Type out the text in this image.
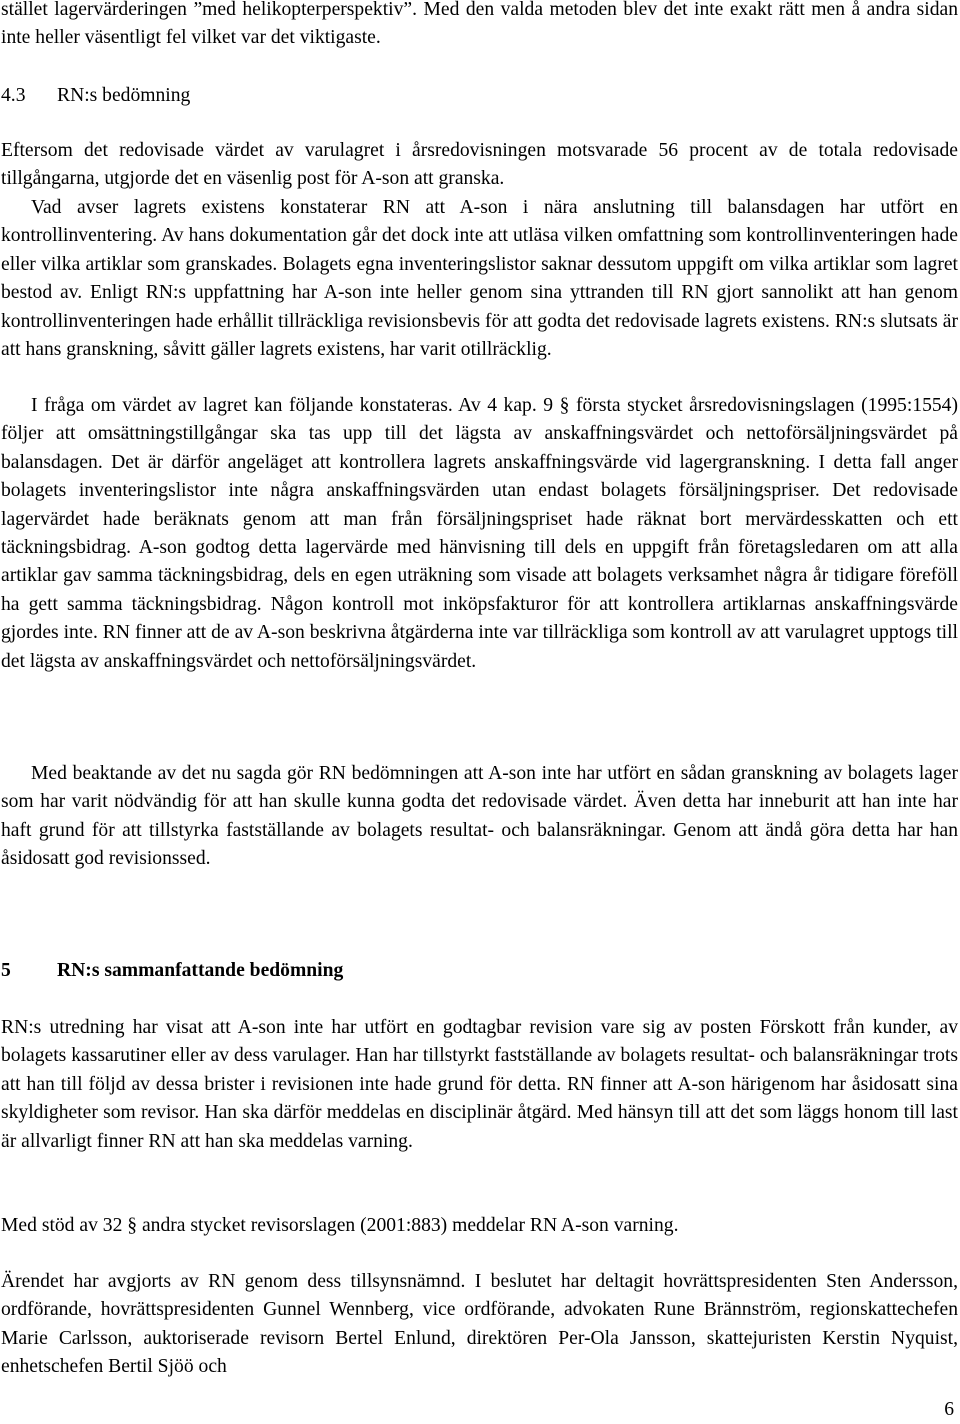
stället lagervärderingen ”med helikopterperspektiv”. Med den valda metoden blev det inte exakt rätt men å andra sidan inte heller väsentligt fel vilket var det viktigaste.

4.3 RN:s bedömning

Eftersom det redovisade värdet av varulagret i årsredovisningen motsvarade 56 procent av de totala redovisade tillgångarna, utgjorde det en väsenlig post för A-son att granska.

Vad avser lagrets existens konstaterar RN att A-son i nära anslutning till balansdagen har utfört en kontrollinventering. Av hans dokumentation går det dock inte att utläsa vilken omfattning som kontrollinventeringen hade eller vilka artiklar som granskades. Bolagets egna inventeringslistor saknar dessutom uppgift om vilka artiklar som lagret bestod av. Enligt RN:s uppfattning har A-son inte heller genom sina yttranden till RN gjort sannolikt att han genom kontrollinventeringen hade erhållit tillräckliga revisionsbevis för att godta det redovisade lagrets existens. RN:s slutsats är att hans granskning, såvitt gäller lagrets existens, har varit otillräcklig.

I fråga om värdet av lagret kan följande konstateras. Av 4 kap. 9 § första stycket årsredovisningslagen (1995:1554) följer att omsättningstillgångar ska tas upp till det lägsta av anskaffningsvärdet och nettoförsäljningsvärdet på balansdagen. Det är därför angeläget att kontrollera lagrets anskaffningsvärde vid lagergranskning. I detta fall anger bolagets inventeringslistor inte några anskaffningsvärden utan endast bolagets försäljningspriser. Det redovisade lagervärdet hade beräknats genom att man från försäljningspriset hade räknat bort mervärdesskatten och ett täckningsbidrag. A-son godtog detta lagervärde med hänvisning till dels en uppgift från företagsledaren om att alla artiklar gav samma täckningsbidrag, dels en egen uträkning som visade att bolagets verksamhet några år tidigare föreföll ha gett samma täckningsbidrag. Någon kontroll mot inköpsfakturor för att kontrollera artiklarnas anskaffningsvärde gjordes inte. RN finner att de av A-son beskrivna åtgärderna inte var tillräckliga som kontroll av att varulagret upptogs till det lägsta av anskaffningsvärdet och nettoförsäljningsvärdet.

Med beaktande av det nu sagda gör RN bedömningen att A-son inte har utfört en sådan granskning av bolagets lager som har varit nödvändig för att han skulle kunna godta det redovisade värdet. Även detta har inneburit att han inte har haft grund för att tillstyrka fastställande av bolagets resultat- och balansräkningar. Genom att ändå göra detta har han åsidosatt god revisionssed.

5 RN:s sammanfattande bedömning

RN:s utredning har visat att A-son inte har utfört en godtagbar revision vare sig av posten Förskott från kunder, av bolagets kassarutiner eller av dess varulager. Han har tillstyrkt fastställande av bolagets resultat- och balansräkningar trots att han till följd av dessa brister i revisionen inte hade grund för detta. RN finner att A-son härigenom har åsidosatt sina skyldigheter som revisor. Han ska därför meddelas en disciplinär åtgärd. Med hänsyn till att det som läggs honom till last är allvarligt finner RN att han ska meddelas varning.

Med stöd av 32 § andra stycket revisorslagen (2001:883) meddelar RN A-son varning.

Ärendet har avgjorts av RN genom dess tillsynsnämnd. I beslutet har deltagit hovrättspresidenten Sten Andersson, ordförande, hovrättspresidenten Gunnel Wennberg, vice ordförande, advokaten Rune Brännström, regionskattechefen Marie Carlsson, auktoriserade revisorn Bertel Enlund, direktören Per-Ola Jansson, skattejuristen Kerstin Nyquist, enhetschefen Bertil Sjöö och

6
